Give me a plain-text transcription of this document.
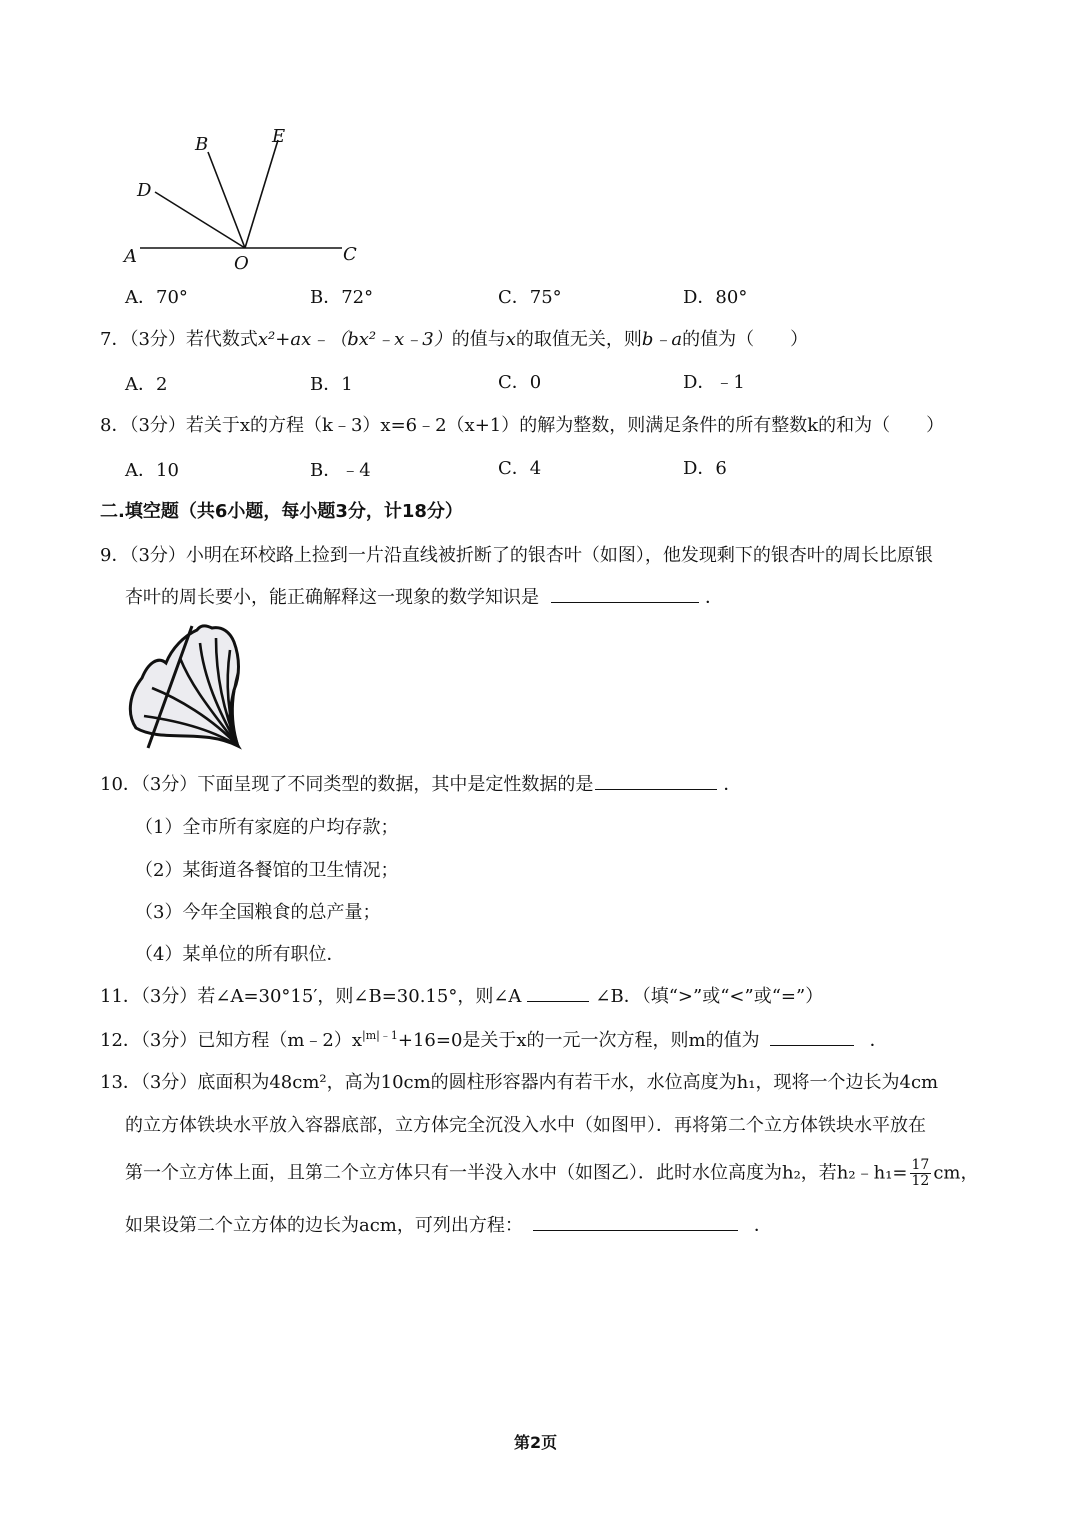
A
B
C
D
E
O
A．70°	B．72°	C．75°	D．80°
7．（3分）若代数式x²+ax﹣（bx²﹣x﹣3）的值与x的取值无关，则b﹣a的值为（　　）
A．2	B．1	C．0	D．﹣1
8．（3分）若关于x的方程（k﹣3）x=6﹣2（x+1）的解为整数，则满足条件的所有整数k的和为（　　）
A．10	B．﹣4	C．4	D．6
二.填空题（共6小题，每小题3分，计18分）
9．（3分）小明在环校路上捡到一片沿直线被折断了的银杏叶（如图），他发现剩下的银杏叶的周长比原银
杏叶的周长要小，能正确解释这一现象的数学知识是	．
10．（3分）下面呈现了不同类型的数据，其中是定性数据的是	．
（1）全市所有家庭的户均存款；
（2）某街道各餐馆的卫生情况；
（3）今年全国粮食的总产量；
（4）某单位的所有职位．
11．（3分）若∠A=30°15′，则∠B=30.15°，则∠A	∠B．（填“>”或“<”或“=”）
12．（3分）已知方程$(m﹣2)x^{|m|﹣1}+16=0$是关于x的一元一次方程，则m的值为	．
13．（3分）底面积为48cm²，高为10cm的圆柱形容器内有若干水，水位高度为h₁，现将一个边长为4cm
的立方体铁块水平放入容器底部，立方体完全沉没入水中（如图甲）．再将第二个立方体铁块水平放在
第一个立方体上面，且第二个立方体只有一半没入水中（如图乙）．此时水位高度为h₂，若h₂﹣h₁= $\frac{17}{12}$ cm，
如果设第二个立方体的边长为acm，可列出方程：	．
第2页
